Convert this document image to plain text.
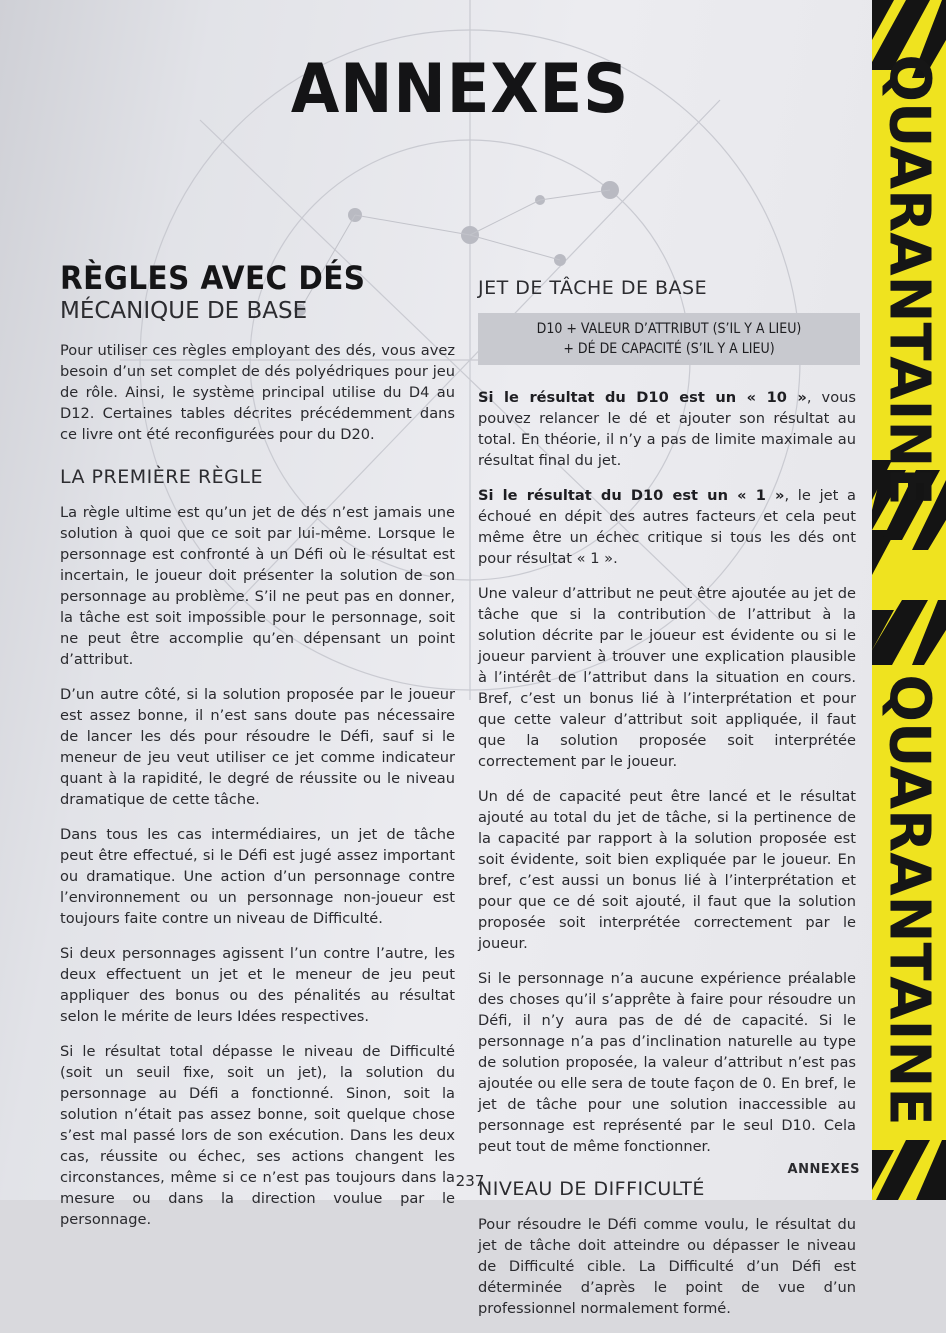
ANNEXES
RÈGLES AVEC DÉS
MÉCANIQUE DE BASE

Pour utiliser ces règles employant des dés, vous avez besoin d’un set complet de dés polyédriques pour jeu de rôle. Ainsi, le système principal utilise du D4 au D12. Certaines tables décrites précédemment dans ce livre ont été reconfigurées pour du D20.

LA PREMIÈRE RÈGLE

La règle ultime est qu’un jet de dés n’est jamais une solution à quoi que ce soit par lui-même. Lorsque le personnage est confronté à un Défi où le résultat est incertain, le joueur doit présenter la solution de son personnage au problème. S’il ne peut pas en donner, la tâche est soit impossible pour le personnage, soit ne peut être accomplie qu’en dépensant un point d’attribut.

D’un autre côté, si la solution proposée par le joueur est assez bonne, il n’est sans doute pas nécessaire de lancer les dés pour résoudre le Défi, sauf si le meneur de jeu veut utiliser ce jet comme indicateur quant à la rapidité, le degré de réussite ou le niveau dramatique de cette tâche.

Dans tous les cas intermédiaires, un jet de tâche peut être effectué, si le Défi est jugé assez important ou dramatique. Une action d’un personnage contre l’environnement ou un personnage non-joueur est toujours faite contre un niveau de Difficulté.

Si deux personnages agissent l’un contre l’autre, les deux effectuent un jet et le meneur de jeu peut appliquer des bonus ou des pénalités au résultat selon le mérite de leurs Idées respectives.

Si le résultat total dépasse le niveau de Difficulté (soit un seuil fixe, soit un jet), la solution du personnage au Défi a fonctionné. Sinon, soit la solution n’était pas assez bonne, soit quelque chose s’est mal passé lors de son exécution. Dans les deux cas, réussite ou échec, ses actions changent les circonstances, même si ce n’est pas toujours dans la mesure ou dans la direction voulue par le personnage.

JET DE TÂCHE DE BASE
D10 + VALEUR D’ATTRIBUT (S’IL Y A LIEU)
+ DÉ DE CAPACITÉ (S’IL Y A LIEU)

Si le résultat du D10 est un « 10 », vous pouvez relancer le dé et ajouter son résultat au total. En théorie, il n’y a pas de limite maximale au résultat final du jet.

Si le résultat du D10 est un « 1 », le jet a échoué en dépit des autres facteurs et cela peut même être un échec critique si tous les dés ont pour résultat « 1 ».

Une valeur d’attribut ne peut être ajoutée au jet de tâche que si la contribution de l’attribut à la solution décrite par le joueur est évidente ou si le joueur parvient à trouver une explication plausible à l’intérêt de l’attribut dans la situation en cours. Bref, c’est un bonus lié à l’interprétation et pour que cette valeur d’attribut soit appliquée, il faut que la solution proposée soit interprétée correctement par le joueur.

Un dé de capacité peut être lancé et le résultat ajouté au total du jet de tâche, si la pertinence de la capacité par rapport à la solution proposée est soit évidente, soit bien expliquée par le joueur. En bref, c’est aussi un bonus lié à l’interprétation et pour que ce dé soit ajouté, il faut que la solution proposée soit interprétée correctement par le joueur.

Si le personnage n’a aucune expérience préalable des choses qu’il s’apprête à faire pour résoudre un Défi, il n’y aura pas de dé de capacité. Si le personnage n’a pas d’inclination naturelle au type de solution proposée, la valeur d’attribut n’est pas ajoutée ou elle sera de toute façon de 0. En bref, le jet de tâche pour une solution inaccessible au personnage est représenté par le seul D10. Cela peut tout de même fonctionner.

NIVEAU DE DIFFICULTÉ

Pour résoudre le Défi comme voulu, le résultat du jet de tâche doit atteindre ou dépasser le niveau de Difficulté cible. La Difficulté d’un Défi est déterminée d’après le point de vue d’un professionnel normalement formé.

237
ANNEXES
QUARANTAINE
QUARANTAINE
